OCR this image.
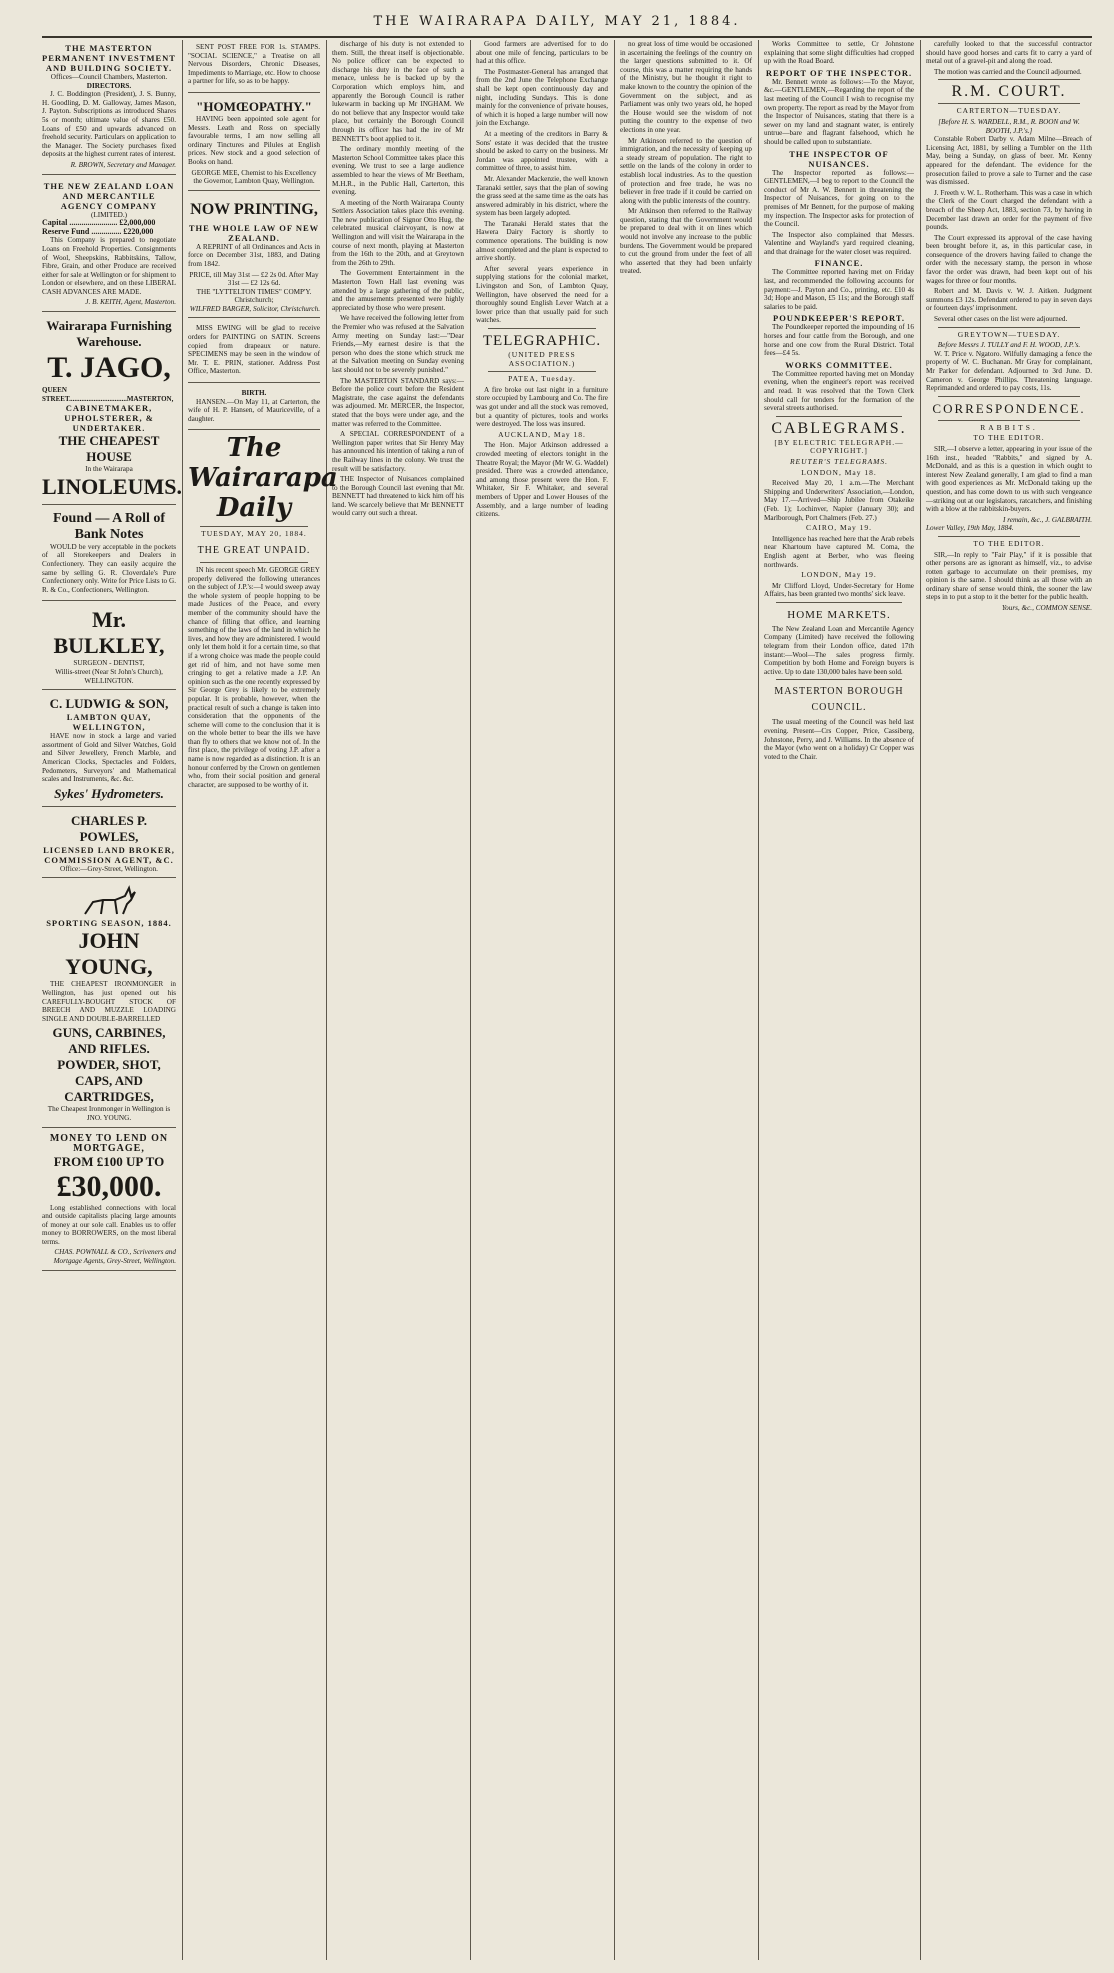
THE WAIRARAPA DAILY, MAY 21, 1884.
THE MASTERTON PERMANENT INVESTMENT AND BUILDING SOCIETY.
Offices—Council Chambers, Masterton.
DIRECTORS.

J. C. Boddington (President), J. S. Bunny, H. Goodling, D. M. Galloway, James Mason, J. Payton. Subscriptions as introduced Shares 5s or month; ultimate value of shares £50. Loans of £50 and upwards advanced on freehold security. Particulars on application to the Manager. The Society purchases fixed deposits at the highest current rates of interest.

R. BROWN, Secretary and Manager.
THE NEW ZEALAND LOAN AND MERCANTILE AGENCY COMPANY
(LIMITED.)
Capital ........................ £2,000,000
Reserve Fund ............... £220,000

This Company is prepared to negotiate Loans on Freehold Properties. Consignments of Wool, Sheepskins, Rabbitskins, Tallow, Fibre, Grain, and other Produce are received either for sale at Wellington or for shipment to London or elsewhere, and on these LIBERAL CASH ADVANCES ARE MADE.

J. B. KEITH, Agent, Masterton.
Wairarapa Furnishing Warehouse.
T. JAGO,
QUEEN STREET.................................MASTERTON,
CABINETMAKER, UPHOLSTERER, & UNDERTAKER.
THE CHEAPEST HOUSE
In the Wairarapa
LINOLEUMS.
Found — A Roll of Bank Notes

WOULD be very acceptable in the pockets of all Storekeepers and Dealers in Confectionery. They can easily acquire the same by selling G. R. Cloverdale's Pure Confectionery only. Write for Price Lists to G. R. & Co., Confectioners, Wellington.

Mr. BULKLEY,
SURGEON - DENTIST,
Willis-street (Near St John's Church), WELLINGTON.
C. LUDWIG & SON,
LAMBTON QUAY, WELLINGTON,

HAVE now in stock a large and varied assortment of Gold and Silver Watches, Gold and Silver Jewellery, French Marble, and American Clocks, Spectacles and Folders, Pedometers, Surveyors' and Mathematical scales and Instruments, &c. &c.

Sykes' Hydrometers.
CHARLES P. POWLES,
LICENSED LAND BROKER, COMMISSION AGENT, &C.
Office:—Grey-Street, Wellington.
SPORTING SEASON, 1884.
JOHN YOUNG,

THE CHEAPEST IRONMONGER in Wellington, has just opened out his CAREFULLY-BOUGHT STOCK OF BREECH AND MUZZLE LOADING SINGLE AND DOUBLE-BARRELLED

GUNS, CARBINES, AND RIFLES.
POWDER, SHOT, CAPS, AND CARTRIDGES,
The Cheapest Ironmonger in Wellington is JNO. YOUNG.
MONEY TO LEND ON MORTGAGE,
FROM £100 UP TO
£30,000.

Long established connections with local and outside capitalists placing large amounts of money at our sole call. Enables us to offer money to BORROWERS, on the most liberal terms.

CHAS. POWNALL & CO., Scriveners and Mortgage Agents, Grey-Street, Wellington.

SENT POST FREE FOR 1s. STAMPS. "SOCIAL SCIENCE," a Treatise on all Nervous Disorders, Chronic Diseases, Impediments to Marriage, etc. How to choose a partner for life, so as to be happy.

"HOMŒOPATHY."

HAVING been appointed sole agent for Messrs. Leath and Ross on specially favourable terms, I am now selling all ordinary Tinctures and Pilules at English prices. New stock and a good selection of Books on hand.

GEORGE MEE, Chemist to his Excellency the Governor, Lambton Quay, Wellington.
NOW PRINTING,
THE WHOLE LAW OF NEW ZEALAND.

A REPRINT of all Ordinances and Acts in force on December 31st, 1883, and Dating from 1842.

PRICE, till May 31st — £2 2s 0d. After May 31st — £2 12s 6d.
THE "LYTTELTON TIMES" COMP'Y. Christchurch;
WILFRED BARGER, Solicitor, Christchurch.

MISS EWING will be glad to receive orders for PAINTING on SATIN. Screens copied from drapeaux or nature. SPECIMENS may be seen in the window of Mr. T. E. PRIN, stationer. Address Post Office, Masterton.

BIRTH.

HANSEN.—On May 11, at Carterton, the wife of H. P. Hansen, of Mauriceville, of a daughter.

The Wairarapa Daily
TUESDAY, MAY 20, 1884.
THE GREAT UNPAID.

IN his recent speech Mr. GEORGE GREY properly delivered the following utterances on the subject of J.P.'s:—I would sweep away the whole system of people hopping to be made Justices of the Peace, and every member of the community should have the chance of filling that office, and learning something of the laws of the land in which he lives, and how they are administered. I would only let them hold it for a certain time, so that if a wrong choice was made the people could get rid of him, and not have some men cringing to get a relative made a J.P. An opinion such as the one recently expressed by Sir George Grey is likely to be extremely popular. It is probable, however, when the practical result of such a change is taken into consideration that the opponents of the scheme will come to the conclusion that it is on the whole better to bear the ills we have than fly to others that we know not of. In the first place, the privilege of voting J.P. after a name is now regarded as a distinction. It is an honour conferred by the Crown on gentlemen who, from their social position and general character, are supposed to be worthy of it.

discharge of his duty is not extended to them. Still, the threat itself is objectionable. No police officer can be expected to discharge his duty in the face of such a menace, unless he is backed up by the Corporation which employs him, and apparently the Borough Council is rather lukewarm in backing up Mr INGHAM. We do not believe that any Inspector would take place, but certainly the Borough Council through its officer has had the ire of Mr BENNETT's boot applied to it.

The ordinary monthly meeting of the Masterton School Committee takes place this evening. We trust to see a large audience assembled to hear the views of Mr Beetham, M.H.R., in the Public Hall, Carterton, this evening.

A meeting of the North Wairarapa County Settlers Association takes place this evening. The new publication of Signor Otto Hug, the celebrated musical clairvoyant, is now at Wellington and will visit the Wairarapa in the course of next month, playing at Masterton from the 16th to the 20th, and at Greytown from the 26th to 29th.

The Government Entertainment in the Masterton Town Hall last evening was attended by a large gathering of the public, and the amusements presented were highly appreciated by those who were present.

We have received the following letter from the Premier who was refused at the Salvation Army meeting on Sunday last:—"Dear Friends,—My earnest desire is that the person who does the stone which struck me at the Salvation meeting on Sunday evening last should not to be severely punished."

The MASTERTON STANDARD says:—Before the police court before the Resident Magistrate, the case against the defendants was adjourned. Mr. MERCER, the Inspector, stated that the boys were under age, and the matter was referred to the Committee.

A SPECIAL CORRESPONDENT of a Wellington paper writes that Sir Henry May has announced his intention of taking a run of the Railway lines in the colony. We trust the result will be satisfactory.

THE Inspector of Nuisances complained to the Borough Council last evening that Mr. BENNETT had threatened to kick him off his land. We scarcely believe that Mr BENNETT would carry out such a threat.

Good farmers are advertised for to do about one mile of fencing, particulars to be had at this office.

The Postmaster-General has arranged that from the 2nd June the Telephone Exchange shall be kept open continuously day and night, including Sundays. This is done mainly for the convenience of private houses, of which it is hoped a large number will now join the Exchange.

At a meeting of the creditors in Barry & Sons' estate it was decided that the trustee should be asked to carry on the business. Mr Jordan was appointed trustee, with a committee of three, to assist him.

Mr. Alexander Mackenzie, the well known Taranaki settler, says that the plan of sowing the grass seed at the same time as the oats has answered admirably in his district, where the system has been largely adopted.

The Taranaki Herald states that the Hawera Dairy Factory is shortly to commence operations. The building is now almost completed and the plant is expected to arrive shortly.

After several years experience in supplying stations for the colonial market, Livingston and Son, of Lambton Quay, Wellington, have observed the need for a thoroughly sound English Lever Watch at a lower price than that usually paid for such watches.

TELEGRAPHIC.
(UNITED PRESS ASSOCIATION.)
PATEA, Tuesday.

A fire broke out last night in a furniture store occupied by Lambourg and Co. The fire was got under and all the stock was removed, but a quantity of pictures, tools and works were destroyed. The loss was insured.

AUCKLAND, May 18.

The Hon. Major Atkinson addressed a crowded meeting of electors tonight in the Theatre Royal; the Mayor (Mr W. G. Waddel) presided. There was a crowded attendance, and among those present were the Hon. F. Whitaker, Sir F. Whitaker, and several members of Upper and Lower Houses of the Assembly, and a large number of leading citizens.

no great loss of time would be occasioned in ascertaining the feelings of the country on the larger questions submitted to it. Of course, this was a matter requiring the hands of the Ministry, but he thought it right to make known to the country the opinion of the Government on the subject, and as Parliament was only two years old, he hoped the House would see the wisdom of not putting the country to the expense of two elections in one year.

Mr Atkinson referred to the question of immigration, and the necessity of keeping up a steady stream of population. The right to settle on the lands of the colony in order to establish local industries. As to the question of protection and free trade, he was no believer in free trade if it could be carried on along with the public interests of the country.

Mr Atkinson then referred to the Railway question, stating that the Government would be prepared to deal with it on lines which would not involve any increase to the public burdens. The Government would be prepared to cut the ground from under the feet of all who asserted that they had been unfairly treated.

Works Committee to settle, Cr Johnstone explaining that some slight difficulties had cropped up with the Road Board.

REPORT OF THE INSPECTOR.

Mr. Bennett wrote as follows:—To the Mayor, &c.—GENTLEMEN,—Regarding the report of the last meeting of the Council I wish to recognise my own property. The report as read by the Mayor from the Inspector of Nuisances, stating that there is a sewer on my land and stagnant water, is entirely untrue—bare and flagrant falsehood, which he should be called upon to substantiate.

THE INSPECTOR OF NUISANCES.

The Inspector reported as follows:—GENTLEMEN,—I beg to report to the Council the conduct of Mr A. W. Bennett in threatening the Inspector of Nuisances, for going on to the premises of Mr Bennett, for the purpose of making my inspection. The Inspector asks for protection of the Council.

The Inspector also complained that Messrs. Valentine and Wayland's yard required cleaning, and that drainage for the water closet was required.

FINANCE.

The Committee reported having met on Friday last, and recommended the following accounts for payment:—J. Payton and Co., printing, etc. £10 4s 3d; Hope and Mason, £5 11s; and the Borough staff salaries to be paid.

POUNDKEEPER'S REPORT.

The Poundkeeper reported the impounding of 16 horses and four cattle from the Borough, and one horse and one cow from the Rural District. Total fees—£4 5s.

WORKS COMMITTEE.

The Committee reported having met on Monday evening, when the engineer's report was received and read. It was resolved that the Town Clerk should call for tenders for the formation of the several streets authorised.

CABLEGRAMS.
[BY ELECTRIC TELEGRAPH.—COPYRIGHT.]
REUTER'S TELEGRAMS.
LONDON, May 18.

Received May 20, 1 a.m.—The Merchant Shipping and Underwriters' Association,—London, May 17.—Arrived—Ship Jubilee from Otakeike (Feb. 1); Lochinver, Napier (January 30); and Marlborough, Port Chalmers (Feb. 27.)

CAIRO, May 19.

Intelligence has reached here that the Arab rebels near Khartoum have captured M. Coma, the English agent at Berber, who was fleeing northwards.

LONDON, May 19.

Mr Clifford Lloyd, Under-Secretary for Home Affairs, has been granted two months' sick leave.

HOME MARKETS.

The New Zealand Loan and Mercantile Agency Company (Limited) have received the following telegram from their London office, dated 17th instant:—Wool—The sales progress firmly. Competition by both Home and Foreign buyers is active. Up to date 130,000 bales have been sold.

MASTERTON BOROUGH COUNCIL.

The usual meeting of the Council was held last evening. Present—Crs Copper, Price, Cassiberg, Johnstone, Perry, and J. Williams. In the absence of the Mayor (who went on a holiday) Cr Copper was voted to the Chair.

carefully looked to that the successful contractor should have good horses and carts fit to carry a yard of metal out of a gravel-pit and along the road.

The motion was carried and the Council adjourned.

R.M. COURT.
CARTERTON—TUESDAY.
[Before H. S. WARDELL, R.M., R. BOON and W. BOOTH, J.P.'s.]

Constable Robert Darby v. Adam Milne—Breach of Licensing Act, 1881, by selling a Tumbler on the 11th May, being a Sunday, on glass of beer. Mr. Kenny appeared for the defendant. The evidence for the prosecution failed to prove a sale to Turner and the case was dismissed.

J. Freeth v. W. L. Rotherham. This was a case in which the Clerk of the Court charged the defendant with a breach of the Sheep Act, 1883, section 73, by having in December last drawn an order for the payment of five pounds.

The Court expressed its approval of the case having been brought before it, as, in this particular case, in consequence of the drovers having failed to change the order with the necessary stamp, the person in whose favor the order was drawn, had been kept out of his wages for three or four months.

Robert and M. Davis v. W. J. Aitken. Judgment summons £3 12s. Defendant ordered to pay in seven days or fourteen days' imprisonment.

Several other cases on the list were adjourned.

GREYTOWN—TUESDAY.
Before Messrs J. TULLY and F. H. WOOD, J.P.'s.

W. T. Price v. Ngatoro. Wilfully damaging a fence the property of W. C. Buchanan. Mr Gray for complainant, Mr Parker for defendant. Adjourned to 3rd June. D. Cameron v. George Phillips. Threatening language. Reprimanded and ordered to pay costs, 11s.

CORRESPONDENCE.
RABBITS.
TO THE EDITOR.

SIR,—I observe a letter, appearing in your issue of the 16th inst., headed "Rabbits," and signed by A. McDonald, and as this is a question in which ought to interest New Zealand generally, I am glad to find a man with good experiences as Mr. McDonald taking up the question, and has come down to us with such vengeance—striking out at our legislators, ratcatchers, and finishing with a blow at the rabbitskin-buyers.

I remain, &c., J. GALBRAITH.
Lower Valley, 19th May, 1884.
TO THE EDITOR.

SIR,—In reply to "Fair Play," if it is possible that other persons are as ignorant as himself, viz., to advise rotten garbage to accumulate on their premises, my opinion is the same. I should think as all those with an ordinary share of sense would think, the sooner the law steps in to put a stop to it the better for the public health.

Yours, &c., COMMON SENSE.
